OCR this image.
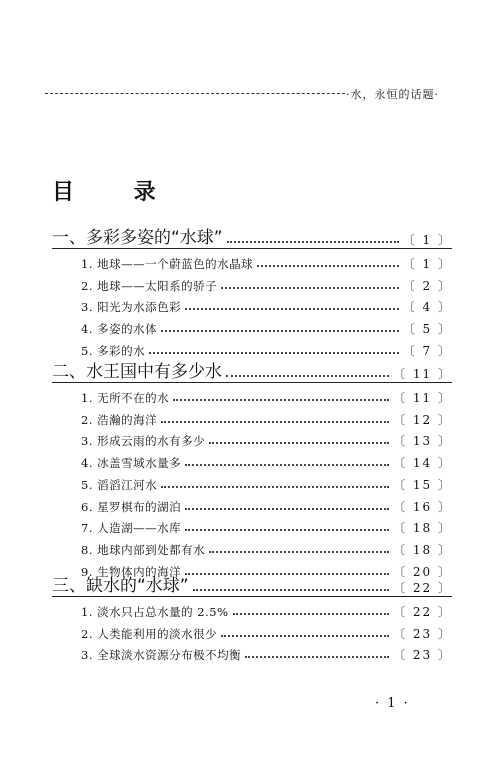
·水，永恒的话题·
目 录
一、多彩多姿的“水球”	〔 1 〕
1. 地球——一个蔚蓝色的水晶球	〔 1 〕
2. 地球——太阳系的骄子	〔 2 〕
3. 阳光为水添色彩	〔 4 〕
4. 多姿的水体	〔 5 〕
5. 多彩的水	〔 7 〕
二、水王国中有多少水	〔 11 〕
1. 无所不在的水	〔 11 〕
2. 浩瀚的海洋	〔 12 〕
3. 形成云雨的水有多少	〔 13 〕
4. 冰盖雪域水量多	〔 14 〕
5. 滔滔江河水	〔 15 〕
6. 星罗棋布的湖泊	〔 16 〕
7. 人造湖——水库	〔 18 〕
8. 地球内部到处都有水	〔 18 〕
9. 生物体内的海洋	〔 20 〕
三、缺水的“水球”	〔 22 〕
1. 淡水只占总水量的 2.5%	〔 22 〕
2. 人类能利用的淡水很少	〔 23 〕
3. 全球淡水资源分布极不均衡	〔 23 〕
· 1 ·
